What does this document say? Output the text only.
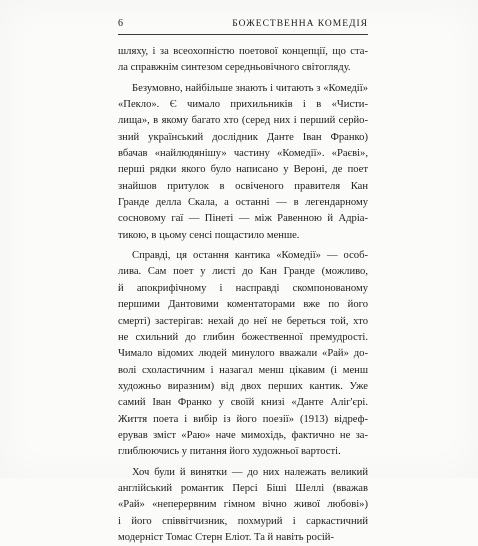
6	БОЖЕСТВЕННА КОМЕДІЯ
шляху, і за всеохопністю поетової концепції, що ста-
ла справжнім синтезом середньовічного світогляду.
Безумовно, найбільше знають і читають з «Комедії»
«Пекло». Є чимало прихильників і в «Чисти-
лища», в якому багато хто (серед них і перший серйо-
зний український дослідник Данте Іван Франко)
вбачав «найлюдянішу» частину «Комедії». «Раєві»,
перші рядки якого було написано у Вероні, де поет
знайшов притулок в освіченого правителя Кан
Гранде делла Скала, а останні — в легендарному
сосновому гаї — Пінеті — між Равенною й Адріа-
тикою, в цьому сенсі пощастило менше.
Справді, ця остання кантика «Комедії» — особ-
лива. Сам поет у листі до Кан Гранде (можливо,
й апокрифічному і насправді скомпонованому
першими Дантовими коментаторами вже по його
смерті) застерігав: нехай до неї не береться той, хто
не схильний до глибин божественної премудрості.
Чимало відомих людей минулого вважали «Рай» до-
волі схоластичним і назагал менш цікавим (і менш
художньо виразним) від двох перших кантик. Уже
самий Іван Франко у своїй книзі «Данте Аліг'єрі.
Життя поета і вибір із його поезії» (1913) відреф-
ерував зміст «Раю» наче мимохідь, фактично не за-
глиблюючись у питання його художньої вартості.
Хоч були й винятки — до них належать великий
англійський романтик Персі Біші Шеллі (вважав
«Рай» «неперервним гімном вічно живої любові»)
і його співвітчизник, похмурий і саркастичний
модерніст Томас Стерн Еліот. Та й навіть росій-
